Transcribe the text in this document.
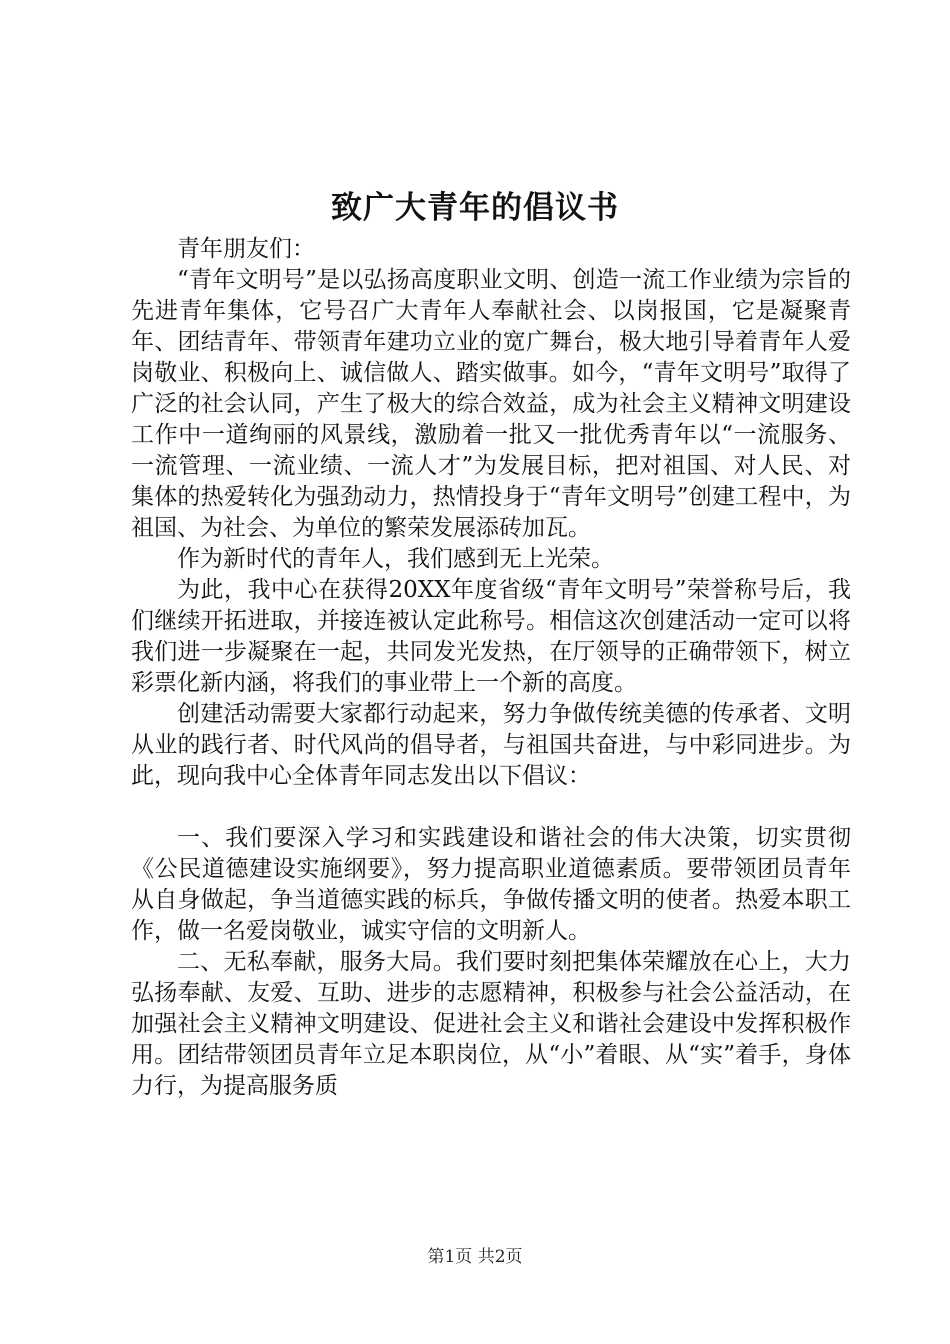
致广大青年的倡议书

青年朋友们：

“青年文明号”是以弘扬高度职业文明、创造一流工作业绩为宗旨的先进青年集体，它号召广大青年人奉献社会、以岗报国，它是凝聚青年、团结青年、带领青年建功立业的宽广舞台，极大地引导着青年人爱岗敬业、积极向上、诚信做人、踏实做事。如今，“青年文明号”取得了广泛的社会认同，产生了极大的综合效益，成为社会主义精神文明建设工作中一道绚丽的风景线，激励着一批又一批优秀青年以“一流服务、一流管理、一流业绩、一流人才”为发展目标，把对祖国、对人民、对集体的热爱转化为强劲动力，热情投身于“青年文明号”创建工程中，为祖国、为社会、为单位的繁荣发展添砖加瓦。

作为新时代的青年人，我们感到无上光荣。

为此，我中心在获得20XX年度省级“青年文明号”荣誉称号后，我们继续开拓进取，并接连被认定此称号。相信这次创建活动一定可以将我们进一步凝聚在一起，共同发光发热，在厅领导的正确带领下，树立彩票化新内涵，将我们的事业带上一个新的高度。

创建活动需要大家都行动起来，努力争做传统美德的传承者、文明从业的践行者、时代风尚的倡导者，与祖国共奋进，与中彩同进步。为此，现向我中心全体青年同志发出以下倡议：

一、我们要深入学习和实践建设和谐社会的伟大决策，切实贯彻《公民道德建设实施纲要》，努力提高职业道德素质。要带领团员青年从自身做起，争当道德实践的标兵，争做传播文明的使者。热爱本职工作，做一名爱岗敬业，诚实守信的文明新人。

二、无私奉献，服务大局。我们要时刻把集体荣耀放在心上，大力弘扬奉献、友爱、互助、进步的志愿精神，积极参与社会公益活动，在加强社会主义精神文明建设、促进社会主义和谐社会建设中发挥积极作用。团结带领团员青年立足本职岗位，从“小”着眼、从“实”着手，身体力行，为提高服务质

第1页 共2页
